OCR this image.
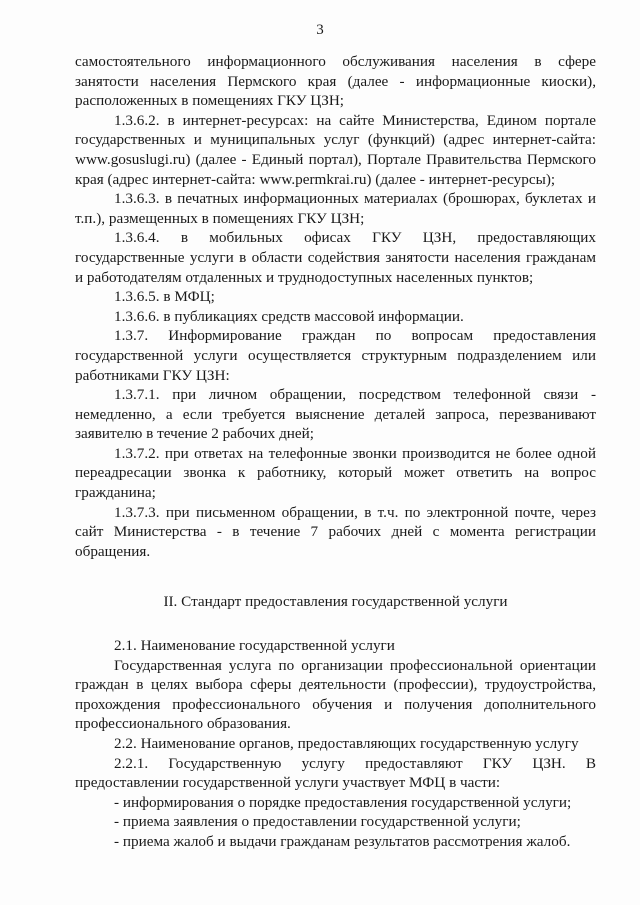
3

самостоятельного информационного обслуживания населения в сфере занятости населения Пермского края (далее - информационные киоски), расположенных в помещениях ГКУ ЦЗН;

1.3.6.2. в интернет-ресурсах: на сайте Министерства, Едином портале государственных и муниципальных услуг (функций) (адрес интернет-сайта: www.gosuslugi.ru) (далее - Единый портал), Портале Правительства Пермского края (адрес интернет-сайта: www.permkrai.ru) (далее - интернет-ресурсы);

1.3.6.3. в печатных информационных материалах (брошюрах, буклетах и т.п.), размещенных в помещениях ГКУ ЦЗН;

1.3.6.4. в мобильных офисах ГКУ ЦЗН, предоставляющих государственные услуги в области содействия занятости населения гражданам и работодателям отдаленных и труднодоступных населенных пунктов;

1.3.6.5. в МФЦ;

1.3.6.6. в публикациях средств массовой информации.

1.3.7. Информирование граждан по вопросам предоставления государственной услуги осуществляется структурным подразделением или работниками ГКУ ЦЗН:

1.3.7.1. при личном обращении, посредством телефонной связи - немедленно, а если требуется выяснение деталей запроса, перезванивают заявителю в течение 2 рабочих дней;

1.3.7.2. при ответах на телефонные звонки производится не более одной переадресации звонка к работнику, который может ответить на вопрос гражданина;

1.3.7.3. при письменном обращении, в т.ч. по электронной почте, через сайт Министерства - в течение 7 рабочих дней с момента регистрации обращения.

II. Стандарт предоставления государственной услуги

2.1. Наименование государственной услуги

Государственная услуга по организации профессиональной ориентации граждан в целях выбора сферы деятельности (профессии), трудоустройства, прохождения профессионального обучения и получения дополнительного профессионального образования.

2.2. Наименование органов, предоставляющих государственную услугу

2.2.1. Государственную услугу предоставляют ГКУ ЦЗН. В предоставлении государственной услуги участвует МФЦ в части:

- информирования о порядке предоставления государственной услуги;

- приема заявления о предоставлении государственной услуги;

- приема жалоб и выдачи гражданам результатов рассмотрения жалоб.
